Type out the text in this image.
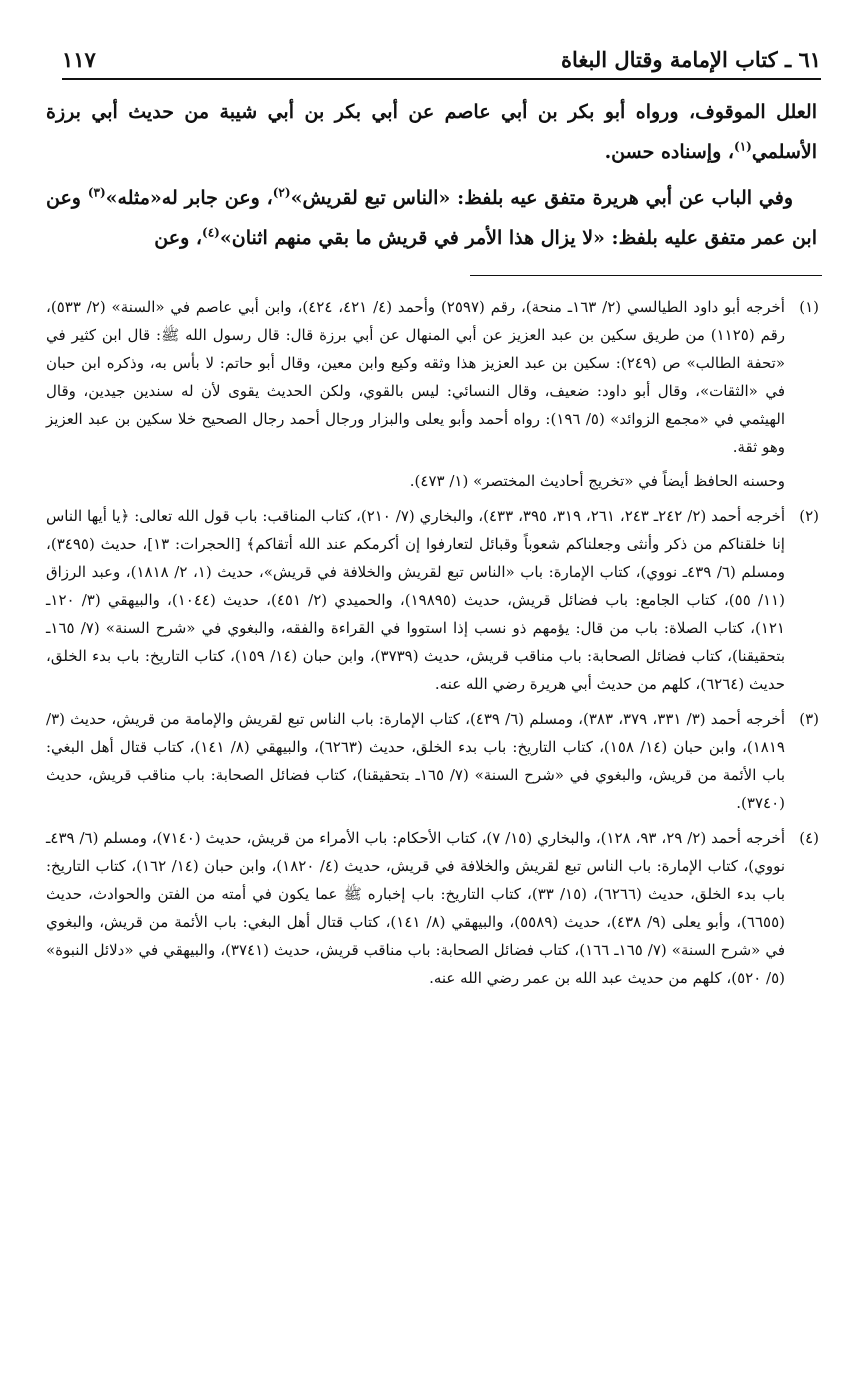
٦١ ـ كتاب الإمامة وقتال البغاة
١١٧

العلل الموقوف، ورواه أبو بكر بن أبي عاصم عن أبي بكر بن أبي شيبة من حديث أبي برزة الأسلمي$^{(١)}$، وإسناده حسن.

وفي الباب عن أبي هريرة متفق عيه بلفظ: «الناس تبع لقريش»$^{(٢)}$، وعن جابر له«مثله»$^{(٣)}$ وعن ابن عمر متفق عليه بلفظ: «لا يزال هذا الأمر في قريش ما بقي منهم اثنان»$^{(٤)}$، وعن

(١)

أخرجه أبو داود الطيالسي (٢/ ١٦٣ـ منحة)، رقم (٢٥٩٧) وأحمد (٤/ ٤٢١، ٤٢٤)، وابن أبي عاصم في «السنة» (٢/ ٥٣٣)، رقم (١١٢٥) من طريق سكين بن عبد العزيز عن أبي المنهال عن أبي برزة قال: قال رسول الله ﷺ: قال ابن كثير في «تحفة الطالب» ص (٢٤٩): سكين بن عبد العزيز هذا وثقه وكيع وابن معين، وقال أبو حاتم: لا بأس به، وذكره ابن حبان في «الثقات»، وقال أبو داود: ضعيف، وقال النسائي: ليس بالقوي، ولكن الحديث يقوى لأن له سندين جيدين، وقال الهيثمي في «مجمع الزوائد» (٥/ ١٩٦): رواه أحمد وأبو يعلى والبزار ورجال أحمد رجال الصحيح خلا سكين بن عبد العزيز وهو ثقة.

وحسنه الحافظ أيضاً في «تخريج أحاديث المختصر» (١/ ٤٧٣).

(٢)

أخرجه أحمد (٢/ ٢٤٢ـ ٢٤٣، ٢٦١، ٣١٩، ٣٩٥، ٤٣٣)، والبخاري (٧/ ٢١٠)، كتاب المناقب: باب قول الله تعالى: ﴿يا أيها الناس إنا خلقناكم من ذكر وأنثى وجعلناكم شعوباً وقبائل لتعارفوا إن أكرمكم عند الله أتقاكم﴾ [الحجرات: ١٣]، حديث (٣٤٩٥)، ومسلم (٦/ ٤٣٩ـ نووي)، كتاب الإمارة: باب «الناس تبع لقريش والخلافة في قريش»، حديث (١، ٢/ ١٨١٨)، وعبد الرزاق (١١/ ٥٥)، كتاب الجامع: باب فضائل قريش، حديث (١٩٨٩٥)، والحميدي (٢/ ٤٥١)، حديث (١٠٤٤)، والبيهقي (٣/ ١٢٠ـ ١٢١)، كتاب الصلاة: باب من قال: يؤمهم ذو نسب إذا استووا في القراءة والفقه، والبغوي في «شرح السنة» (٧/ ١٦٥ـ بتحقيقنا)، كتاب فضائل الصحابة: باب مناقب قريش، حديث (٣٧٣٩)، وابن حبان (١٤/ ١٥٩)، كتاب التاريخ: باب بدء الخلق، حديث (٦٢٦٤)، كلهم من حديث أبي هريرة رضي الله عنه.

(٣)

أخرجه أحمد (٣/ ٣٣١، ٣٧٩، ٣٨٣)، ومسلم (٦/ ٤٣٩)، كتاب الإمارة: باب الناس تبع لقريش والإمامة من قريش، حديث (٣/ ١٨١٩)، وابن حبان (١٤/ ١٥٨)، كتاب التاريخ: باب بدء الخلق، حديث (٦٢٦٣)، والبيهقي (٨/ ١٤١)، كتاب قتال أهل البغي: باب الأئمة من قريش، والبغوي في «شرح السنة» (٧/ ١٦٥ـ بتحقيقنا)، كتاب فضائل الصحابة: باب مناقب قريش، حديث (٣٧٤٠).

(٤)

أخرجه أحمد (٢/ ٢٩، ٩٣، ١٢٨)، والبخاري (١٥/ ٧)، كتاب الأحكام: باب الأمراء من قريش، حديث (٧١٤٠)، ومسلم (٦/ ٤٣٩ـ نووي)، كتاب الإمارة: باب الناس تبع لقريش والخلافة في قريش، حديث (٤/ ١٨٢٠)، وابن حبان (١٤/ ١٦٢)، كتاب التاريخ: باب بدء الخلق، حديث (٦٢٦٦)، (١٥/ ٣٣)، كتاب التاريخ: باب إخباره ﷺ عما يكون في أمته من الفتن والحوادث، حديث (٦٦٥٥)، وأبو يعلى (٩/ ٤٣٨)، حديث (٥٥٨٩)، والبيهقي (٨/ ١٤١)، كتاب قتال أهل البغي: باب الأئمة من قريش، والبغوي في «شرح السنة» (٧/ ١٦٥ـ ١٦٦)، كتاب فضائل الصحابة: باب مناقب قريش، حديث (٣٧٤١)، والبيهقي في «دلائل النبوة» (٥/ ٥٢٠)، كلهم من حديث عبد الله بن عمر رضي الله عنه.
